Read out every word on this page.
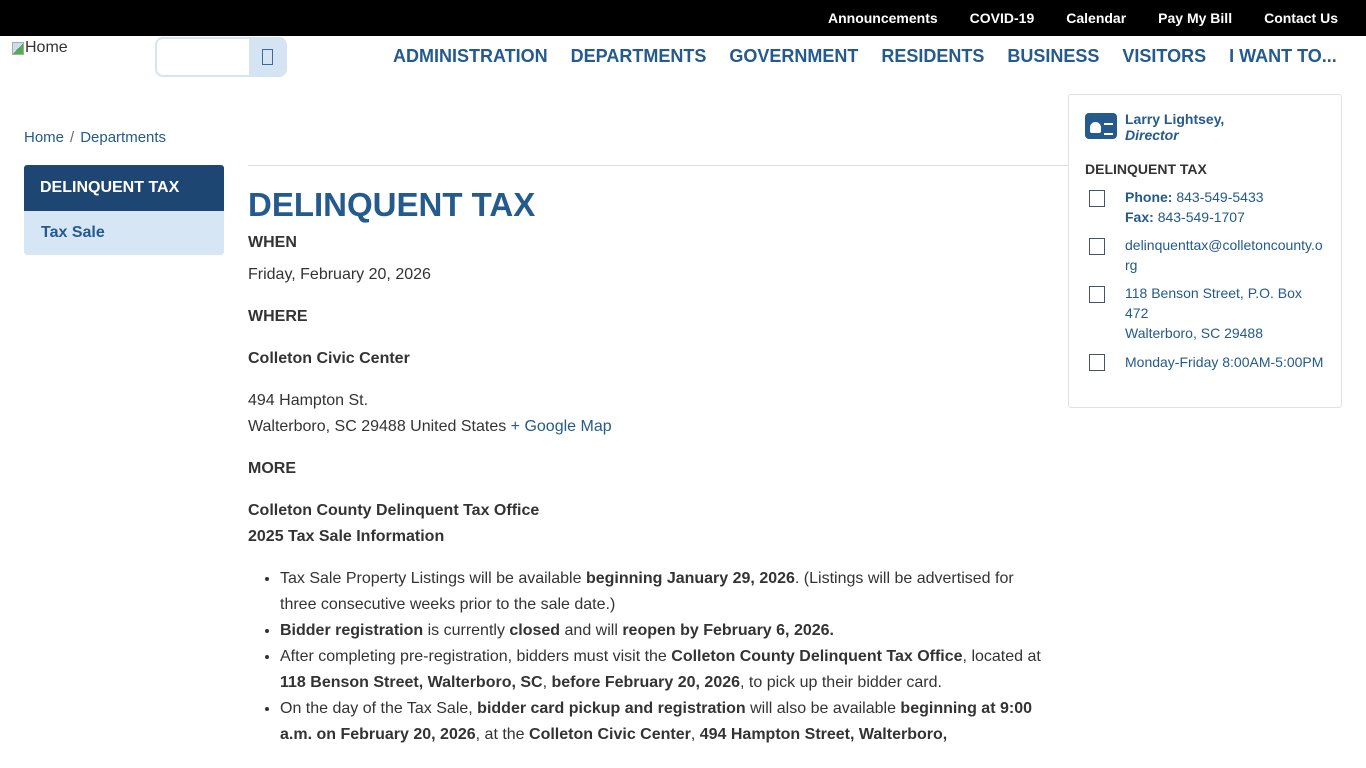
Announcements COVID-19 Calendar Pay My Bill Contact Us
Home	ADMINISTRATION DEPARTMENTS GOVERNMENT RESIDENTS BUSINESS VISITORS I WANT TO...
Home / Departments
DELINQUENT TAX
Tax Sale
DELINQUENT TAX
WHEN

Friday, February 20, 2026

WHERE

Colleton Civic Center

494 Hampton St.
Walterboro, SC 29488 United States + Google Map

MORE

Colleton County Delinquent Tax Office
2025 Tax Sale Information

• Tax Sale Property Listings will be available beginning January 29, 2026. (Listings will be advertised for three consecutive weeks prior to the sale date.)
• Bidder registration is currently closed and will reopen by February 6, 2026.
• After completing pre-registration, bidders must visit the Colleton County Delinquent Tax Office, located at 118 Benson Street, Walterboro, SC, before February 20, 2026, to pick up their bidder card.
• On the day of the Tax Sale, bidder card pickup and registration will also be available beginning at 9:00 a.m. on February 20, 2026, at the Colleton Civic Center, 494 Hampton Street, Walterboro,
Larry Lightsey,
Director
DELINQUENT TAX
Phone: 843-549-5433
Fax: 843-549-1707
delinquenttax@colletoncounty.org
118 Benson Street, P.O. Box 472
Walterboro, SC 29488
Monday-Friday 8:00AM-5:00PM
